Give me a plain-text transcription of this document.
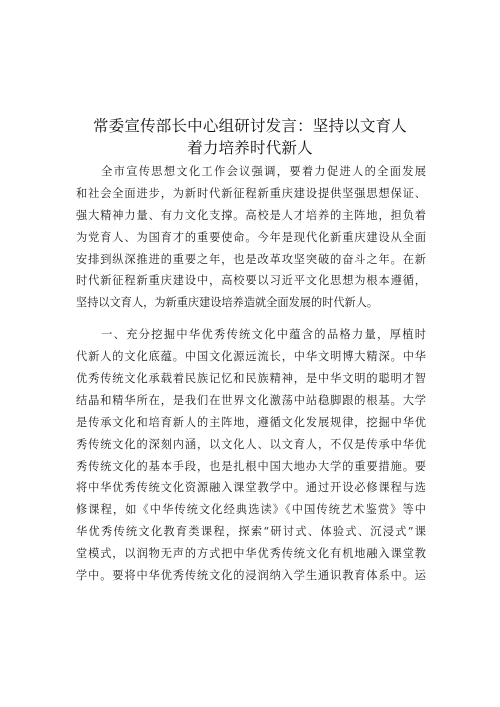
常委宣传部长中心组研讨发言：坚持以文育人
着力培养时代新人
　　全市宣传思想文化工作会议强调，要着力促进人的全面发展
和社会全面进步，为新时代新征程新重庆建设提供坚强思想保证、
强大精神力量、有力文化支撑。高校是人才培养的主阵地，担负着
为党育人、为国育才的重要使命。今年是现代化新重庆建设从全面
安排到纵深推进的重要之年，也是改革攻坚突破的奋斗之年。在新
时代新征程新重庆建设中，高校要以习近平文化思想为根本遵循，
坚持以文育人，为新重庆建设培养造就全面发展的时代新人。
　　一、充分挖掘中华优秀传统文化中蕴含的品格力量，厚植时
代新人的文化底蕴。中国文化源远流长，中华文明博大精深。中华
优秀传统文化承载着民族记忆和民族精神，是中华文明的聪明才智
结晶和精华所在，是我们在世界文化激荡中站稳脚跟的根基。大学
是传承文化和培育新人的主阵地，遵循文化发展规律，挖掘中华优
秀传统文化的深刻内涵，以文化人、以文育人，不仅是传承中华优
秀传统文化的基本手段，也是扎根中国大地办大学的重要措施。要
将中华优秀传统文化资源融入课堂教学中。通过开设必修课程与选
修课程，如《中华传统文化经典选读》《中国传统艺术鉴赏》等中
华优秀传统文化教育类课程，探索“研讨式、体验式、沉浸式”课
堂模式，以润物无声的方式把中华优秀传统文化有机地融入课堂教
学中。要将中华优秀传统文化的浸润纳入学生通识教育体系中。运
